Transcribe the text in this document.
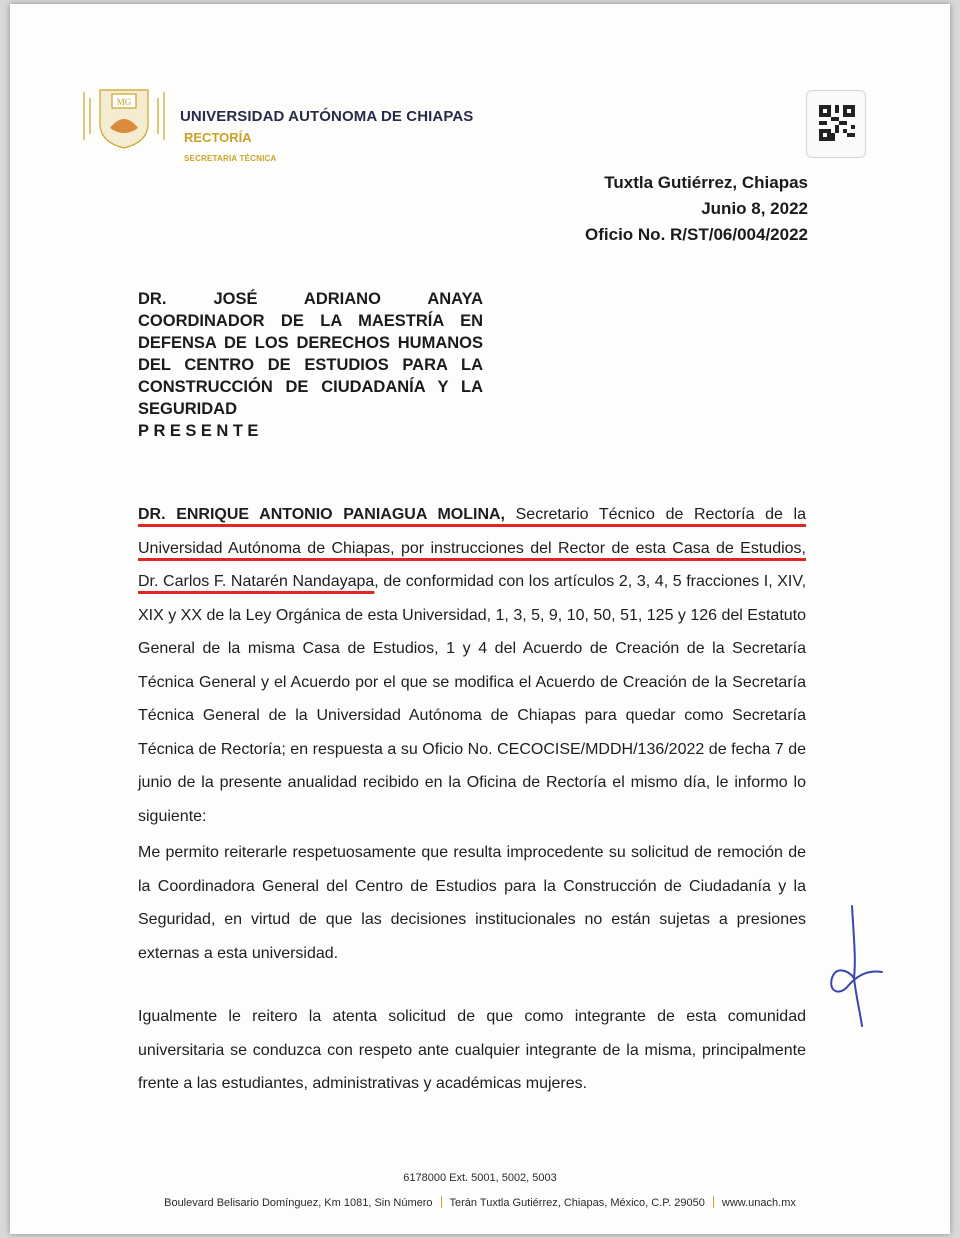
MG
· · · · · ·
UNIVERSIDAD AUTÓNOMA DE CHIAPAS
RECTORÍA
SECRETARIA TÉCNICA
Tuxtla Gutiérrez, Chiapas
Junio 8, 2022
Oficio No. R/ST/06/004/2022
DR. JOSÉ ADRIANO ANAYA
COORDINADOR DE LA MAESTRÍA EN
DEFENSA DE LOS DERECHOS HUMANOS
DEL CENTRO DE ESTUDIOS PARA LA
CONSTRUCCIÓN DE CIUDADANÍA Y LA
SEGURIDAD
PRESENTE

DR. ENRIQUE ANTONIO PANIAGUA MOLINA, Secretario Técnico de Rectoría de la Universidad Autónoma de Chiapas, por instrucciones del Rector de esta Casa de Estudios, Dr. Carlos F. Natarén Nandayapa, de conformidad con los artículos 2, 3, 4, 5 fracciones I, XIV, XIX y XX de la Ley Orgánica de esta Universidad, 1, 3, 5, 9, 10, 50, 51, 125 y 126 del Estatuto General de la misma Casa de Estudios, 1 y 4 del Acuerdo de Creación de la Secretaría Técnica General y el Acuerdo por el que se modifica el Acuerdo de Creación de la Secretaría Técnica General de la Universidad Autónoma de Chiapas para quedar como Secretaría Técnica de Rectoría; en respuesta a su Oficio No. CECOCISE/MDDH/136/2022 de fecha 7 de junio de la presente anualidad recibido en la Oficina de Rectoría el mismo día, le informo lo siguiente:

Me permito reiterarle respetuosamente que resulta improcedente su solicitud de remoción de la Coordinadora General del Centro de Estudios para la Construcción de Ciudadanía y la Seguridad, en virtud de que las decisiones institucionales no están sujetas a presiones externas a esta universidad.

Igualmente le reitero la atenta solicitud de que como integrante de esta comunidad universitaria se conduzca con respeto ante cualquier integrante de la misma, principalmente frente a las estudiantes, administrativas y académicas mujeres.

6178000 Ext. 5001, 5002, 5003
Boulevard Belisario Domínguez, Km 1081, Sin Número Terán Tuxtla Gutiérrez, Chiapas, México, C.P. 29050 www.unach.mx
